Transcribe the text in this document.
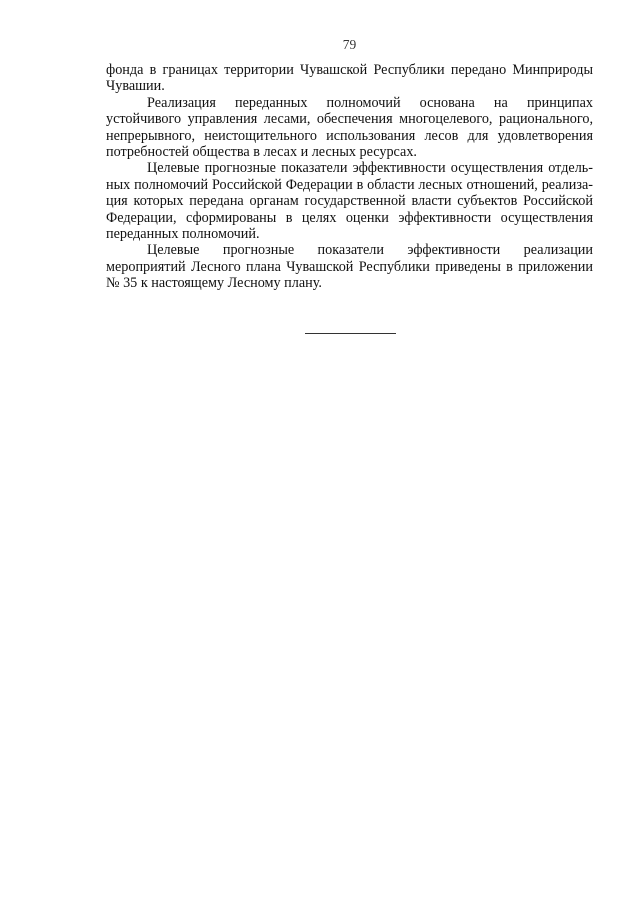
79

фонда в границах территории Чувашской Республики передано Минприроды Чувашии.

Реализация переданных полномочий основана на принципах устойчивого управления лесами, обеспечения многоцелевого, рационального, непрерывного, неистощительного использования лесов для удовлетворения потребностей общества в лесах и лесных ресурсах.

Целевые прогнозные показатели эффективности осуществления отдельных полномочий Российской Федерации в области лесных отношений, реализация которых передана органам государственной власти субъектов Российской Федерации, сформированы в целях оценки эффективности осуществления переданных полномочий.

Целевые прогнозные показатели эффективности реализации мероприятий Лесного плана Чувашской Республики приведены в приложении № 35 к настоящему Лесному плану.
